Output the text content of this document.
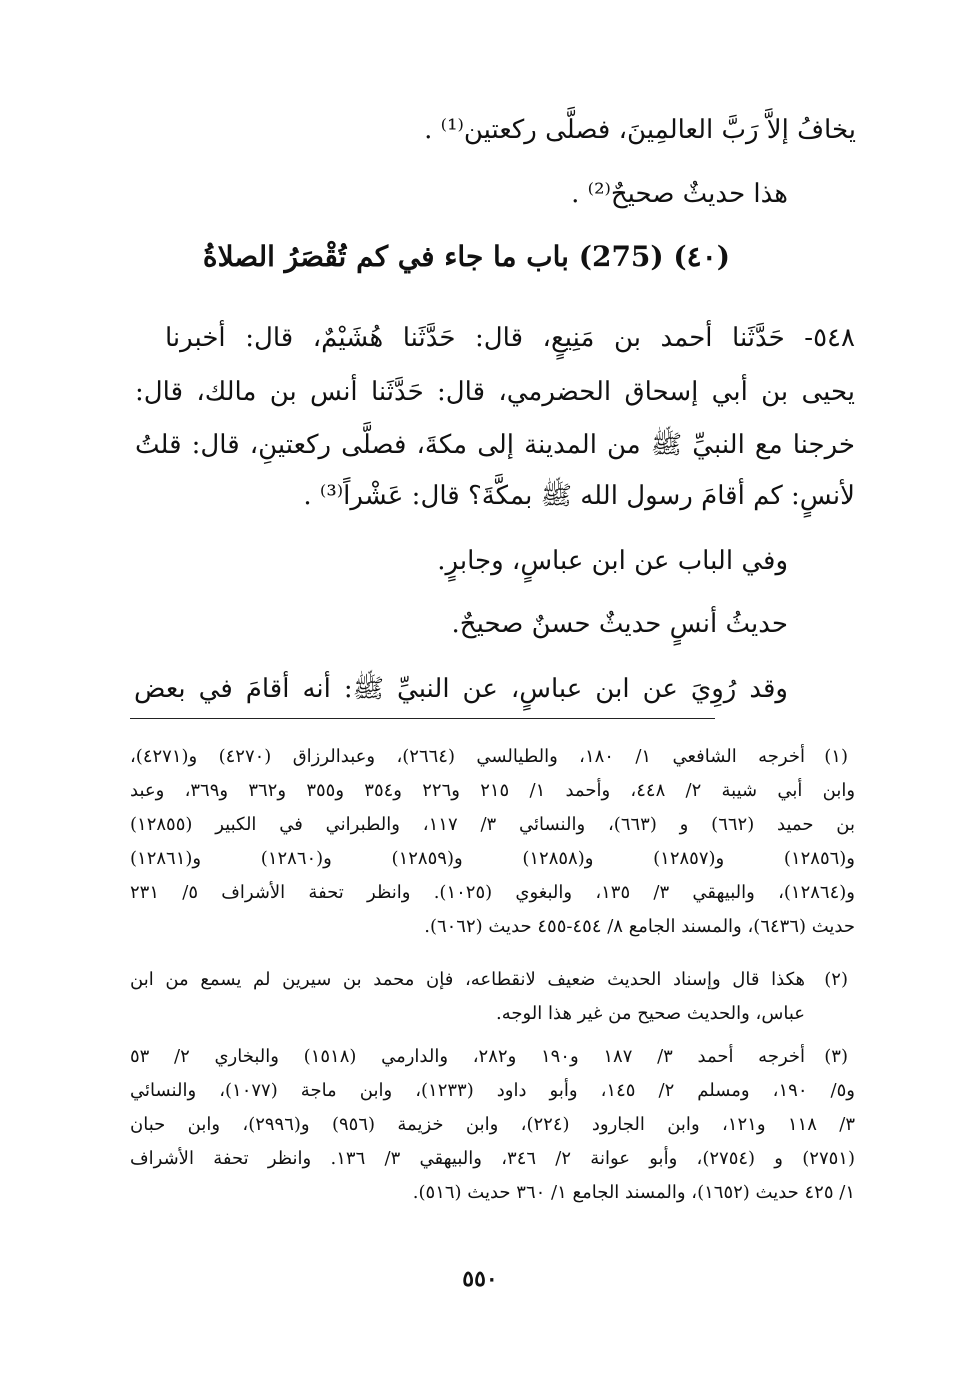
يخافُ إلاَّ رَبَّ العالمِينَ، فصلَّى ركعتين⁽¹⁾ .

هذا حديثٌ صحيحٌ⁽²⁾ .

(٤٠) (275) باب ما جاء في كم تُقْصَرُ الصلاةُ

٥٤٨- حَدَّثَنا أحمد بن مَنِيعٍ، قال: حَدَّثَنا هُشَيْمٌ، قال: أخبرنا

يحيى بن أبي إسحاق الحضرمي، قال: حَدَّثَنا أنس بن مالك، قال:

خرجنا مع النبيِّ ﷺ من المدينة إلى مكةَ، فصلَّى ركعتينِ، قال: قلتُ

لأنسٍ: كم أقامَ رسول الله ﷺ بمكَّةَ؟ قال: عَشْراً⁽³⁾ .

وفي الباب عن ابن عباسٍ، وجابرٍ.

حديثُ أنسٍ حديثٌ حسنٌ صحيحٌ.

وقد رُوِيَ عن ابن عباسٍ، عن النبيِّ ﷺ: أنه أقامَ في بعض

(١)

أخرجه الشافعي ١/ ١٨٠، والطيالسي (٢٦٦٤)، وعبدالرزاق (٤٢٧٠) و(٤٢٧١)،

وابن أبي شيبة ٢/ ٤٤٨، وأحمد ١/ ٢١٥ و٢٢٦ و٣٥٤ و٣٥٥ و٣٦٢ و٣٦٩، وعبد

بن حميد (٦٦٢) و (٦٦٣)، والنسائي ٣/ ١١٧، والطبراني في الكبير (١٢٨٥٥)

و(١٢٨٥٦) و(١٢٨٥٧) و(١٢٨٥٨) و(١٢٨٥٩) و(١٢٨٦٠) و(١٢٨٦١)

و(١٢٨٦٤)، والبيهقي ٣/ ١٣٥، والبغوي (١٠٢٥). وانظر تحفة الأشراف ٥/ ٢٣١

حديث (٦٤٣٦)، والمسند الجامع ٨/ ٤٥٤-٤٥٥ حديث (٦٠٦٢).

(٢)

هكذا قال وإسناد الحديث ضعيف لانقطاعه، فإن محمد بن سيرين لم يسمع من ابن

عباس، والحديث صحيح من غير هذا الوجه.

(٣)

أخرجه أحمد ٣/ ١٨٧ و١٩٠ و٢٨٢، والدارمي (١٥١٨) والبخاري ٢/ ٥٣

و٥/ ١٩٠، ومسلم ٢/ ١٤٥، وأبو داود (١٢٣٣)، وابن ماجة (١٠٧٧)، والنسائي

٣/ ١١٨ و١٢١، وابن الجارود (٢٢٤)، وابن خزيمة (٩٥٦) و(٢٩٩٦)، وابن حبان

(٢٧٥١) و (٢٧٥٤)، وأبو عوانة ٢/ ٣٤٦، والبيهقي ٣/ ١٣٦. وانظر تحفة الأشراف

١/ ٤٢٥ حديث (١٦٥٢)، والمسند الجامع ١/ ٣٦٠ حديث (٥١٦).

٥٥٠
